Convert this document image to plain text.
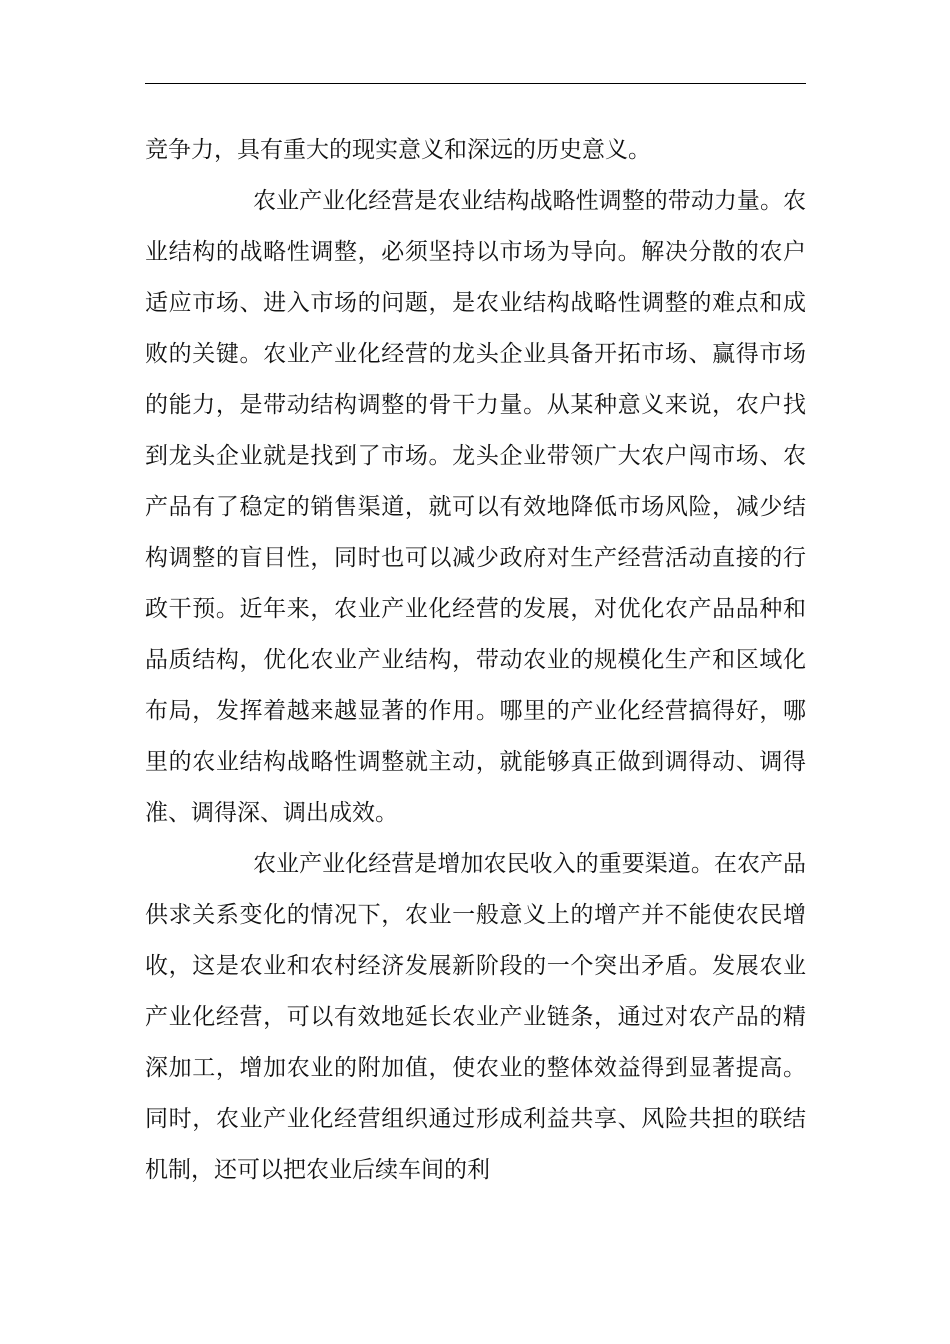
竞争力，具有重大的现实意义和深远的历史意义。

农业产业化经营是农业结构战略性调整的带动力量。农业结构的战略性调整，必须坚持以市场为导向。解决分散的农户适应市场、进入市场的问题，是农业结构战略性调整的难点和成败的关键。农业产业化经营的龙头企业具备开拓市场、赢得市场的能力，是带动结构调整的骨干力量。从某种意义来说，农户找到龙头企业就是找到了市场。龙头企业带领广大农户闯市场、农产品有了稳定的销售渠道，就可以有效地降低市场风险，减少结构调整的盲目性，同时也可以减少政府对生产经营活动直接的行政干预。近年来，农业产业化经营的发展，对优化农产品品种和品质结构，优化农业产业结构，带动农业的规模化生产和区域化布局，发挥着越来越显著的作用。哪里的产业化经营搞得好，哪里的农业结构战略性调整就主动，就能够真正做到调得动、调得准、调得深、调出成效。

农业产业化经营是增加农民收入的重要渠道。在农产品供求关系变化的情况下，农业一般意义上的增产并不能使农民增收，这是农业和农村经济发展新阶段的一个突出矛盾。发展农业产业化经营，可以有效地延长农业产业链条，通过对农产品的精深加工，增加农业的附加值，使农业的整体效益得到显著提高。同时，农业产业化经营组织通过形成利益共享、风险共担的联结机制，还可以把农业后续车间的利
